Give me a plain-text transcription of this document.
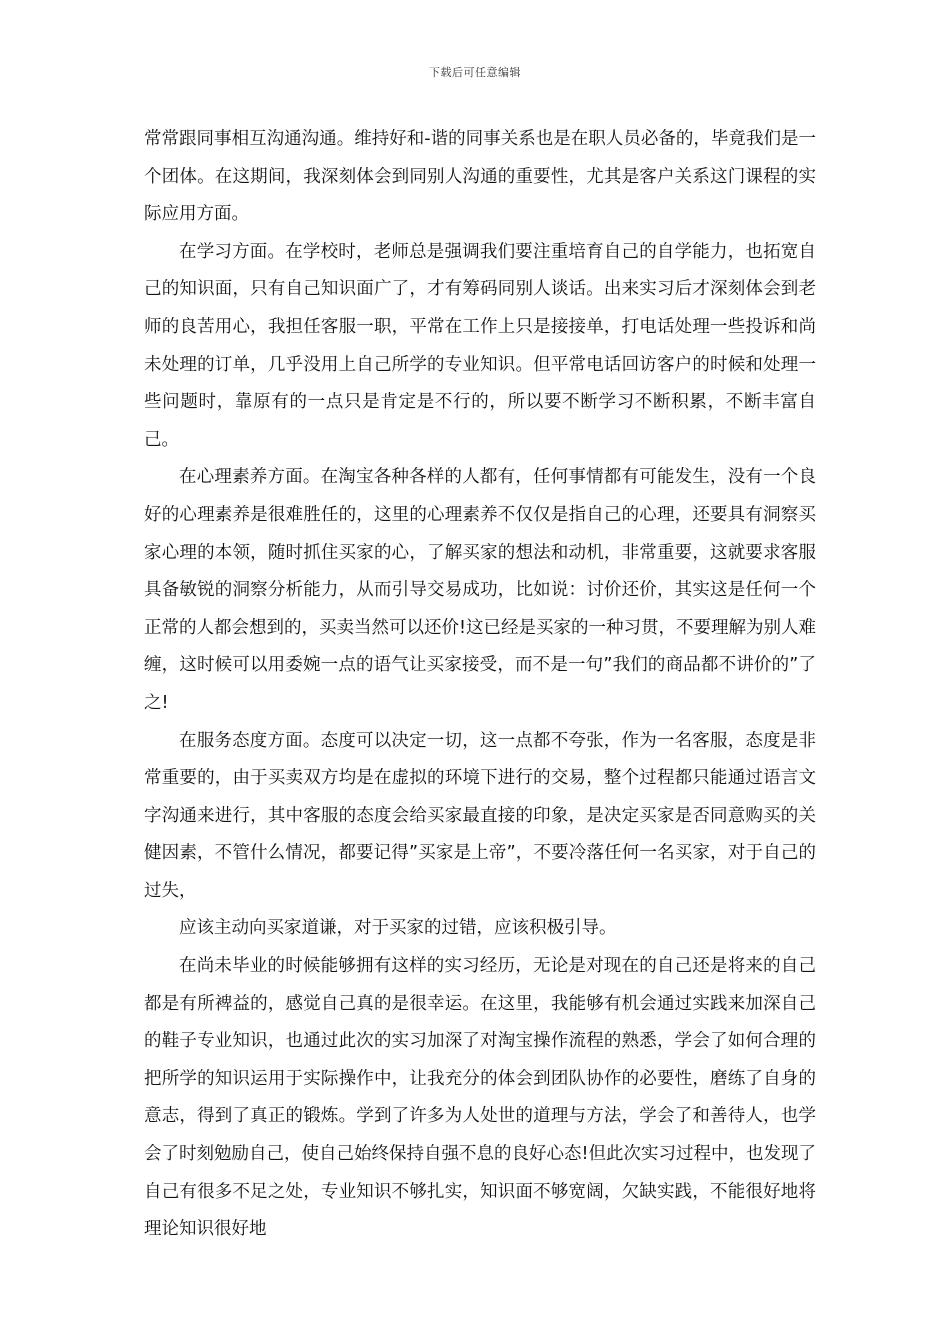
下载后可任意编辑

常常跟同事相互沟通沟通。维持好和-谐的同事关系也是在职人员必备的，毕竟我们是一个团体。在这期间，我深刻体会到同别人沟通的重要性，尤其是客户关系这门课程的实际应用方面。

在学习方面。在学校时，老师总是强调我们要注重培育自己的自学能力，也拓宽自己的知识面，只有自己知识面广了，才有筹码同别人谈话。出来实习后才深刻体会到老师的良苦用心，我担任客服一职，平常在工作上只是接接单，打电话处理一些投诉和尚未处理的订单，几乎没用上自己所学的专业知识。但平常电话回访客户的时候和处理一些问题时，靠原有的一点只是肯定是不行的，所以要不断学习不断积累，不断丰富自己。

在心理素养方面。在淘宝各种各样的人都有，任何事情都有可能发生，没有一个良好的心理素养是很难胜任的，这里的心理素养不仅仅是指自己的心理，还要具有洞察买家心理的本领，随时抓住买家的心，了解买家的想法和动机，非常重要，这就要求客服具备敏锐的洞察分析能力，从而引导交易成功，比如说：讨价还价，其实这是任何一个正常的人都会想到的，买卖当然可以还价!这已经是买家的一种习贯，不要理解为别人难缠，这时候可以用委婉一点的语气让买家接受，而不是一句”我们的商品都不讲价的”了之!

在服务态度方面。态度可以决定一切，这一点都不夸张，作为一名客服，态度是非常重要的，由于买卖双方均是在虚拟的环境下进行的交易，整个过程都只能通过语言文字沟通来进行，其中客服的态度会给买家最直接的印象，是决定买家是否同意购买的关健因素，不管什么情况，都要记得”买家是上帝”，不要冷落任何一名买家，对于自己的过失，

应该主动向买家道谦，对于买家的过错，应该积极引导。

在尚未毕业的时候能够拥有这样的实习经历，无论是对现在的自己还是将来的自己都是有所裨益的，感觉自己真的是很幸运。在这里，我能够有机会通过实践来加深自己的鞋子专业知识，也通过此次的实习加深了对淘宝操作流程的熟悉，学会了如何合理的把所学的知识运用于实际操作中，让我充分的体会到团队协作的必要性，磨练了自身的意志，得到了真正的锻炼。学到了许多为人处世的道理与方法，学会了和善待人，也学会了时刻勉励自己，使自己始终保持自强不息的良好心态!但此次实习过程中，也发现了自己有很多不足之处，专业知识不够扎实，知识面不够宽阔，欠缺实践，不能很好地将理论知识很好地
